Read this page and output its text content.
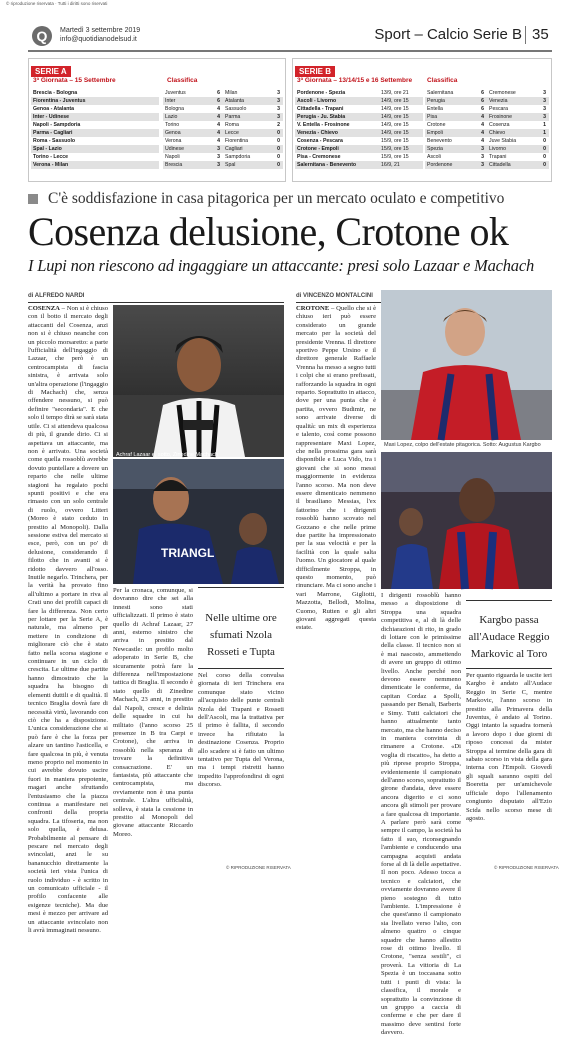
© riproduzione riservata · Tutti i diritti sono riservati
Q	Martedì 3 settembre 2019
info@quotidianodelsud.it	Sport – Calcio Serie B 35
SERIE A
3ª Giornata – 15 Settembre	Classifica
Brescia - Bologna
Fiorentina - Juventus
Genoa - Atalanta
Inter - Udinese
Napoli - Sampdoria
Parma - Cagliari
Roma - Sassuolo
Spal - Lazio
Torino - Lecce
Verona - Milan
Juventus	6
Inter	6
Bologna	4
Lazio	4
Torino	4
Genoa	4
Verona	4
Udinese	3
Napoli	3
Brescia	3
Milan	3
Atalanta	3
Sassuolo	3
Parma	3
Roma	2
Lecce	0
Fiorentina	0
Cagliari	0
Sampdoria	0
Spal	0
SERIE B
3ª Giornata – 13/14/15 e 16 Settembre Classifica
Pordenone - Spezia	13/9, ore 21
Ascoli - Livorno	14/9, ore 15
Cittadella - Trapani	14/9, ore 15
Perugia - Ju. Stabia	14/9, ore 15
V. Entella - Frosinone	14/9, ore 15
Venezia - Chievo	14/9, ore 15
Cosenza - Pescara	15/9, ore 15
Crotone - Empoli	15/9, ore 15
Pisa - Cremonese	15/9, ore 15
Salernitana - Benevento	16/9, 21
Salernitana	6
Perugia	6
Entella	6
Pisa	4
Crotone	4
Empoli	4
Benevento	4
Spezia	3
Ascoli	3
Pordenone	3
Cremonese	3
Venezia	3
Pescara	3
Frosinone	3
Cosenza	1
Chievo	1
Juve Stabia	0
Livorno	0
Trapani	0
Cittadella	0
C'è soddisfazione in casa pitagorica per un mercato oculato e competitivo
Cosenza delusione, Crotone ok
I Lupi non riescono ad ingaggiare un attaccante: presi solo Lazaar e Machach
di ALFREDO NARDI
COSENZA – Non si è chiuso con il botto il mercato degli attaccanti del Cosenza, anzi non si è chiuso neanche con un piccolo morsaretto: a parte l'ufficialità dell'ingaggio di Lazaar, che però è un centrocampista di fascia sinistra, è arrivata solo un'altra operazione (l'ingaggio di Machach) che, senza offendere nessuno, si può definire "secondaria". E che solo il tempo dirà se sarà stata utile. Ci si attendeva qualcosa di più, il grande dirio. Ci si aspettava un attaccante, ma non è arrivato. Una società come quella rossoblù avrebbe dovuto puntellare a dovere un reparto che nelle ultime stagioni ha regalato pochi spunti positivi e che era rimasto con un solo centrale di ruolo, ovvero Litteri (Moreo è stato ceduto in prestito al Monopoli). Dalla sessione estiva del mercato si esce, però, con un po' di delusione, considerando il filotto che in avanti si è ridotto davvero all'osso. Inutile negarlo. Trinchera, per la verità ha provato fino all'ultimo a portare in riva al Crati uno dei profili capaci di fare la differenza. Non certo per lottare per la Serie A, è naturale, ma almeno per mettere in condizione di migliorare ciò che è stato fatto nella scorsa stagione e continuare in un ciclo di crescita. Le ultime due partite hanno dimostrato che la squadra ha bisogno di elementi duttili e di qualità. Il tecnico Braglia dovrà fare di necessità virtù, lavorando con ciò che ha a disposizione. L'unica considerazione che si può fare è che la forza per alzare un tantino l'asticella, e fare qualcosa in più, è venuta meno proprio nel momento in cui avrebbe dovuto uscire fuori in maniera prepotente, magari anche sfruttando l'entusiasmo che la piazza continua a manifestare nei confronti della propria squadra. La tifoseria, ma non solo quella, è delusa. Probabilmente al pensare di pescare nel mercato degli svincolati, anzi le su bananucchio direttamente la società ieri vista l'unica di ruolo individuo - è scritto in un comunicato ufficiale - il profilo confacente alle esigenze tecniche). Ma due mesi è mezzo per arrivare ad un attaccante svincolato non li avrà immaginati nessuno.
Achraf Lazaar e, sotto, Zinedine Machach
TRIANGL
Per la cronaca, comunque, si dovranno dire che sei alla innesti sono stati ufficializzati. Il primo è stato quello di Achraf Lazaar, 27 anni, esterno sinistro che arriva in prestito dal Newcastle: un profilo molto adoperato in Serie B, che sicuramente potrà fare la differenza nell'impostazione tattica di Braglia. Il secondo è stato quello di Zinedine Machach, 23 anni, in prestito dal Napoli, cresce e delinia delle squadre in cui ha militato (l'anno scorso 25 presenze in B tra Carpi e Crotone), che arriva in rossoblù nella speranza di trovare la definitiva consacrazione. E' un fantasista, più attaccante che centrocampista, ma ovviamente non è una punta centrale. L'altra ufficialità, solleva, è stata la cessione in prestito al Monopoli del giovane attaccante Riccardo Moreo.
Nelle ultime ore sfumati Nzola Rosseti e Tupta
Nel corso della convulsa giornata di ieri Trinchera era comunque stato vicino all'acquisto delle punte centrali Nzola del Trapani e Rosseti dell'Ascoli, ma la trattativa per il primo è fallita, il secondo invece ha rifiutato la destinazione Cosenza. Proprio allo scadere si è fatto un ultimo tentativo per Tupta del Verona, ma i tempi ristretti hanno impedito l'approfondirsi di ogni discorso.
© RIPRODUZIONE RISERVATA
di VINCENZO MONTALCINI
CROTONE – Quello che si è chiuso ieri può essere considerato un grande mercato per la società del presidente Vrenna. Il direttore sportivo Peppe Ursino e il direttore generale Raffaele Vrenna ha messo a segno tutti i colpi che si erano prefissati, rafforzando la squadra in ogni reparto. Soprattutto in attacco, dove per una punta che è partita, ovvero Budimir, ne sono arrivate diverse di qualità: un mix di esperienza e talento, così come possono rappresentare Maxi Lopez, che nella prossima gara sarà disponibile e Luca Vido, tra i giovani che si sono messi maggiormente in evidenza l'anno scorso. Ma non deve essere dimenticato nemmeno il brasiliano Messias, l'ex fattorino che i dirigenti rossoblù hanno scovato nel Gozzano e che nelle prime due partite ha impressionato per la sua velocità e per la facilità con la quale salta l'uomo. Un giocatore al quale difficilmente Stroppa, in questo momento, può rinunciare. Ma ci sono anche i vari Marrone, Gigliotti, Mazzotta, Bellodi, Molina, Cuomo, Rutten e gli altri giovani aggregati questa estate.
Maxi Lopez, colpo dell'estate pitagorica. Sotto: Augustus Kargbo
I dirigenti rossoblù hanno messo a disposizione di Stroppa una squadra competitiva e, al di là delle dichiarazioni di rito, in grado di lottare con le primissime della classe. Il tecnico non si è mai nascosto, ammettendo di avere un gruppo di ottimo livello. Anche perché non devono essere nemmeno dimenticate le conferme, da capitan Cordaz a Spolli, passando per Benali, Barberis e Simy. Tutti calciatori che hanno attualmente tanto mercato, ma che hanno deciso in maniera convinta di rimanere a Crotone. «Di voglia di riscatto», ha detto a più riprese proprio Stroppa, evidentemente il campionato dell'anno scorso, soprattutto il girone d'andata, deve essere ancora digerito e ci sono ancora gli stimoli per provare a fare qualcosa di importante. A parlare però sarà come sempre il campo, la società ha fatto il suo, riconsegnando l'ambiente e conducendo una campagna acquisti andata forse al di là delle aspettative. Il non poco. Adesso tocca a tecnico e calciatori, che ovviamente dovranno avere il pieno sostegno di tutto l'ambiente. L'impressione è che quest'anno il campionato sia livellato verso l'alto, con almeno quattro o cinque squadre che hanno allestito rose di ottimo livello. Il Crotone, "senza sestili", ci proverà. La vittoria di La Spezia è un toccasana sotto tutti i punti di vista: la classifica, il morale e soprattutto la convinzione di un gruppo a caccia di conferme e che per dare il massimo deve sentirsi forte davvero.
Kargbo passa all'Audace Reggio Markovic al Toro
Per quanto riguarda le uscite ieri Kargbo è andato all'Audace Reggio in Serie C, mentre Markovic, l'anno scorso in prestito alla Primavera della Juventus, è andato al Torino. Oggi intanto la squadra tornerà a lavoro dopo i due giorni di riposo concessi da mister Stroppa al termine della gara di sabato scorso in vista della gara interna con l'Empoli. Giovedì gli squali saranno ospiti del Boeretta per un'amichevole ufficiale dopo l'allenamento congiunto disputato all'Ezio Scida nello scorso mese di agosto.
© RIPRODUZIONE RISERVATA
